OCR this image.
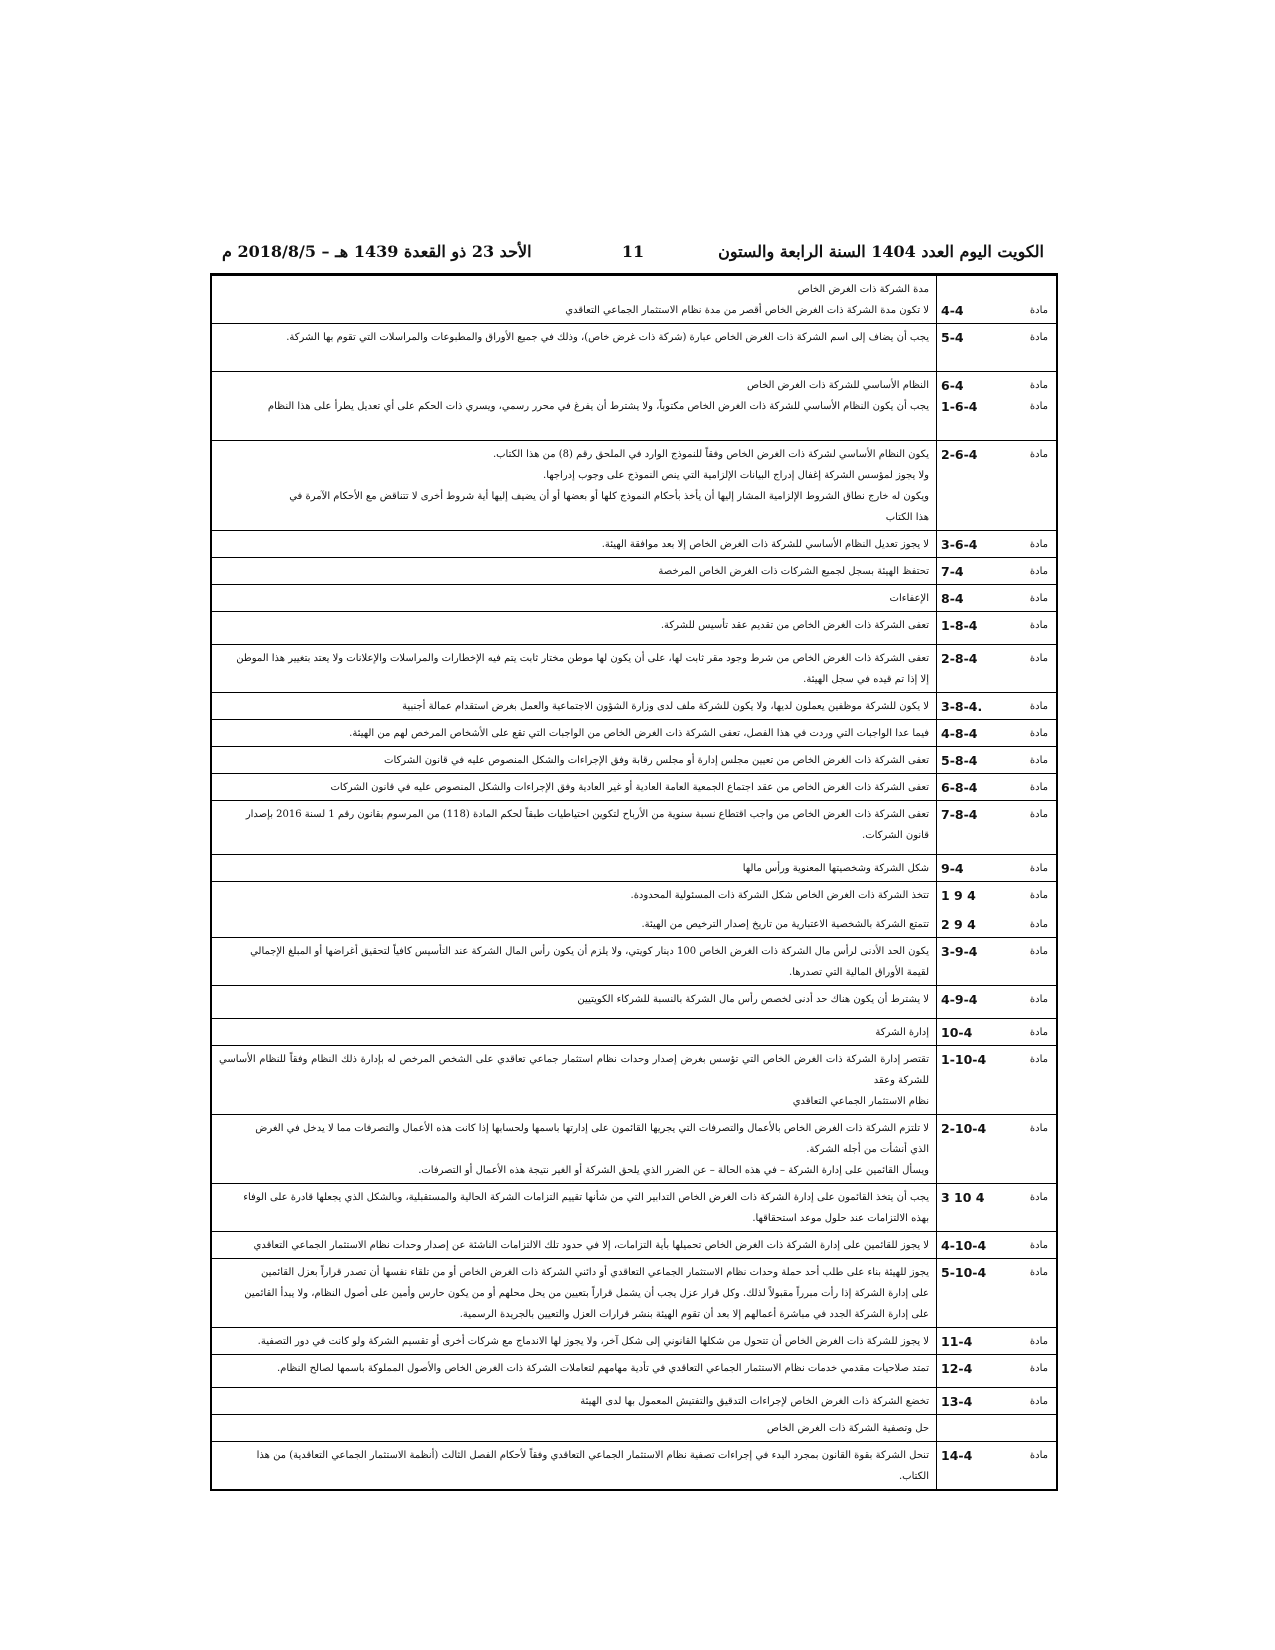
الكويت اليوم العدد 1404 السنة الرابعة والستون
11
الأحد 23 ذو القعدة 1439 هـ – 2018/8/5 م
مادة
4-4

مدة الشركة ذات الغرض الخاص

لا تكون مدة الشركة ذات الغرض الخاص أقصر من مدة نظام الاستثمار الجماعي التعاقدي

مادة
5-4

يجب أن يضاف إلى اسم الشركة ذات الغرض الخاص عبارة (شركة ذات غرض خاص)، وذلك في جميع الأوراق والمطبوعات والمراسلات التي تقوم بها الشركة.

مادة
6-4
مادة
1-6-4

النظام الأساسي للشركة ذات الغرض الخاص

يجب أن يكون النظام الأساسي للشركة ذات الغرض الخاص مكتوباً، ولا يشترط أن يفرغ في محرر رسمي، ويسري ذات الحكم على أي تعديل يطرأ على هذا النظام

مادة
2-6-4

يكون النظام الأساسي لشركة ذات الغرض الخاص وفقاً للنموذج الوارد في الملحق رقم (8) من هذا الكتاب.

ولا يجوز لمؤسس الشركة إغفال إدراج البيانات الإلزامية التي ينص النموذج على وجوب إدراجها.

ويكون له خارج نطاق الشروط الإلزامية المشار إليها أن يأخذ بأحكام النموذج كلها أو بعضها أو أن يضيف إليها أية شروط أخرى لا تتناقض مع الأحكام الآمرة في

هذا الكتاب

مادة
3-6-4

لا يجوز تعديل النظام الأساسي للشركة ذات الغرض الخاص إلا بعد موافقة الهيئة.

مادة
7-4

تحتفظ الهيئة بسجل لجميع الشركات ذات الغرض الخاص المرخصة

مادة
8-4

الإعفاءات

مادة
1-8-4

تعفى الشركة ذات الغرض الخاص من تقديم عقد تأسيس للشركة.

مادة
2-8-4

تعفى الشركة ذات الغرض الخاص من شرط وجود مقر ثابت لها، على أن يكون لها موطن مختار ثابت يتم فيه الإخطارات والمراسلات والإعلانات ولا يعتد بتغيير هذا الموطن

إلا إذا تم قيده في سجل الهيئة.

مادة
3-8-4.

لا يكون للشركة موظفين يعملون لديها، ولا يكون للشركة ملف لدى وزارة الشؤون الاجتماعية والعمل بغرض استقدام عمالة أجنبية

مادة
4-8-4

فيما عدا الواجبات التي وردت في هذا الفصل، تعفى الشركة ذات الغرض الخاص من الواجبات التي تقع على الأشخاص المرخص لهم من الهيئة.

مادة
5-8-4

تعفى الشركة ذات الغرض الخاص من تعيين مجلس إدارة أو مجلس رقابة وفق الإجراءات والشكل المنصوص عليه في قانون الشركات

مادة
6-8-4

تعفى الشركة ذات الغرض الخاص من عقد اجتماع الجمعية العامة العادية أو غير العادية وفق الإجراءات والشكل المنصوص عليه في قانون الشركات

مادة
7-8-4

تعفى الشركة ذات الغرض الخاص من واجب اقتطاع نسبة سنوية من الأرباح لتكوين احتياطيات طبقاً لحكم المادة (118) من المرسوم بقانون رقم 1 لسنة 2016 بإصدار

قانون الشركات.

مادة
9-4

شكل الشركة وشخصيتها المعنوية ورأس مالها

مادة
1 9 4
مادة
2 9 4

تتخذ الشركة ذات الغرض الخاص شكل الشركة ذات المسئولية المحدودة.

تتمتع الشركة بالشخصية الاعتبارية من تاريخ إصدار الترخيص من الهيئة.

مادة
3-9-4

يكون الحد الأدنى لرأس مال الشركة ذات الغرض الخاص 100 دينار كويتي، ولا يلزم أن يكون رأس المال الشركة عند التأسيس كافياً لتحقيق أغراضها أو المبلغ الإجمالي

لقيمة الأوراق المالية التي تصدرها.

مادة
4-9-4

لا يشترط أن يكون هناك حد أدنى لخصص رأس مال الشركة بالنسبة للشركاء الكويتيين

مادة
10-4

إدارة الشركة

مادة
1-10-4

تقتصر إدارة الشركة ذات الغرض الخاص التي تؤسس بغرض إصدار وحدات نظام استثمار جماعي تعاقدي على الشخص المرخص له بإدارة ذلك النظام وفقاً للنظام الأساسي للشركة وعقد

نظام الاستثمار الجماعي التعاقدي

مادة
2-10-4

لا تلتزم الشركة ذات الغرض الخاص بالأعمال والتصرفات التي يجريها القائمون على إدارتها باسمها ولحسابها إذا كانت هذه الأعمال والتصرفات مما لا يدخل في الغرض

الذي أنشأت من أجله الشركة.

ويسأل القائمين على إدارة الشركة – في هذه الحالة – عن الضرر الذي يلحق الشركة أو الغير نتيجة هذه الأعمال أو التصرفات.

مادة
3 10 4

يجب أن يتخذ القائمون على إدارة الشركة ذات الغرض الخاص التدابير التي من شأنها تقييم التزامات الشركة الحالية والمستقبلية، وبالشكل الذي يجعلها قادرة على الوفاء

بهذه الالتزامات عند حلول موعد استحقاقها.

مادة
4-10-4

لا يجوز للقائمين على إدارة الشركة ذات الغرض الخاص تحميلها بأية التزامات، إلا في حدود تلك الالتزامات الناشئة عن إصدار وحدات نظام الاستثمار الجماعي التعاقدي

مادة
5-10-4

يجوز للهيئة بناء على طلب أحد حملة وحدات نظام الاستثمار الجماعي التعاقدي أو دائني الشركة ذات الغرض الخاص أو من تلقاء نفسها أن تصدر قراراً بعزل القائمين

على إدارة الشركة إذا رأت مبرراً مقبولاً لذلك. وكل قرار عزل يجب أن يشمل قراراً بتعيين من يحل محلهم أو من يكون حارس وأمين على أصول النظام، ولا يبدأ القائمين

على إدارة الشركة الجدد في مباشرة أعمالهم إلا بعد أن تقوم الهيئة بنشر قرارات العزل والتعيين بالجريدة الرسمية.

مادة
11-4

لا يجوز للشركة ذات الغرض الخاص أن تتحول من شكلها القانوني إلى شكل آخر، ولا يجوز لها الاندماج مع شركات أخرى أو تقسيم الشركة ولو كانت في دور التصفية.

مادة
12-4

تمتد صلاحيات مقدمي خدمات نظام الاستثمار الجماعي التعاقدي في تأدية مهامهم لتعاملات الشركة ذات الغرض الخاص والأصول المملوكة باسمها لصالح النظام.

مادة
13-4

تخضع الشركة ذات الغرض الخاص لإجراءات التدقيق والتفتيش المعمول بها لدى الهيئة

حل وتصفية الشركة ذات الغرض الخاص

مادة
14-4

تنحل الشركة بقوة القانون بمجرد البدء في إجراءات تصفية نظام الاستثمار الجماعي التعاقدي وفقاً لأحكام الفصل الثالث (أنظمة الاستثمار الجماعي التعاقدية) من هذا

الكتاب.
